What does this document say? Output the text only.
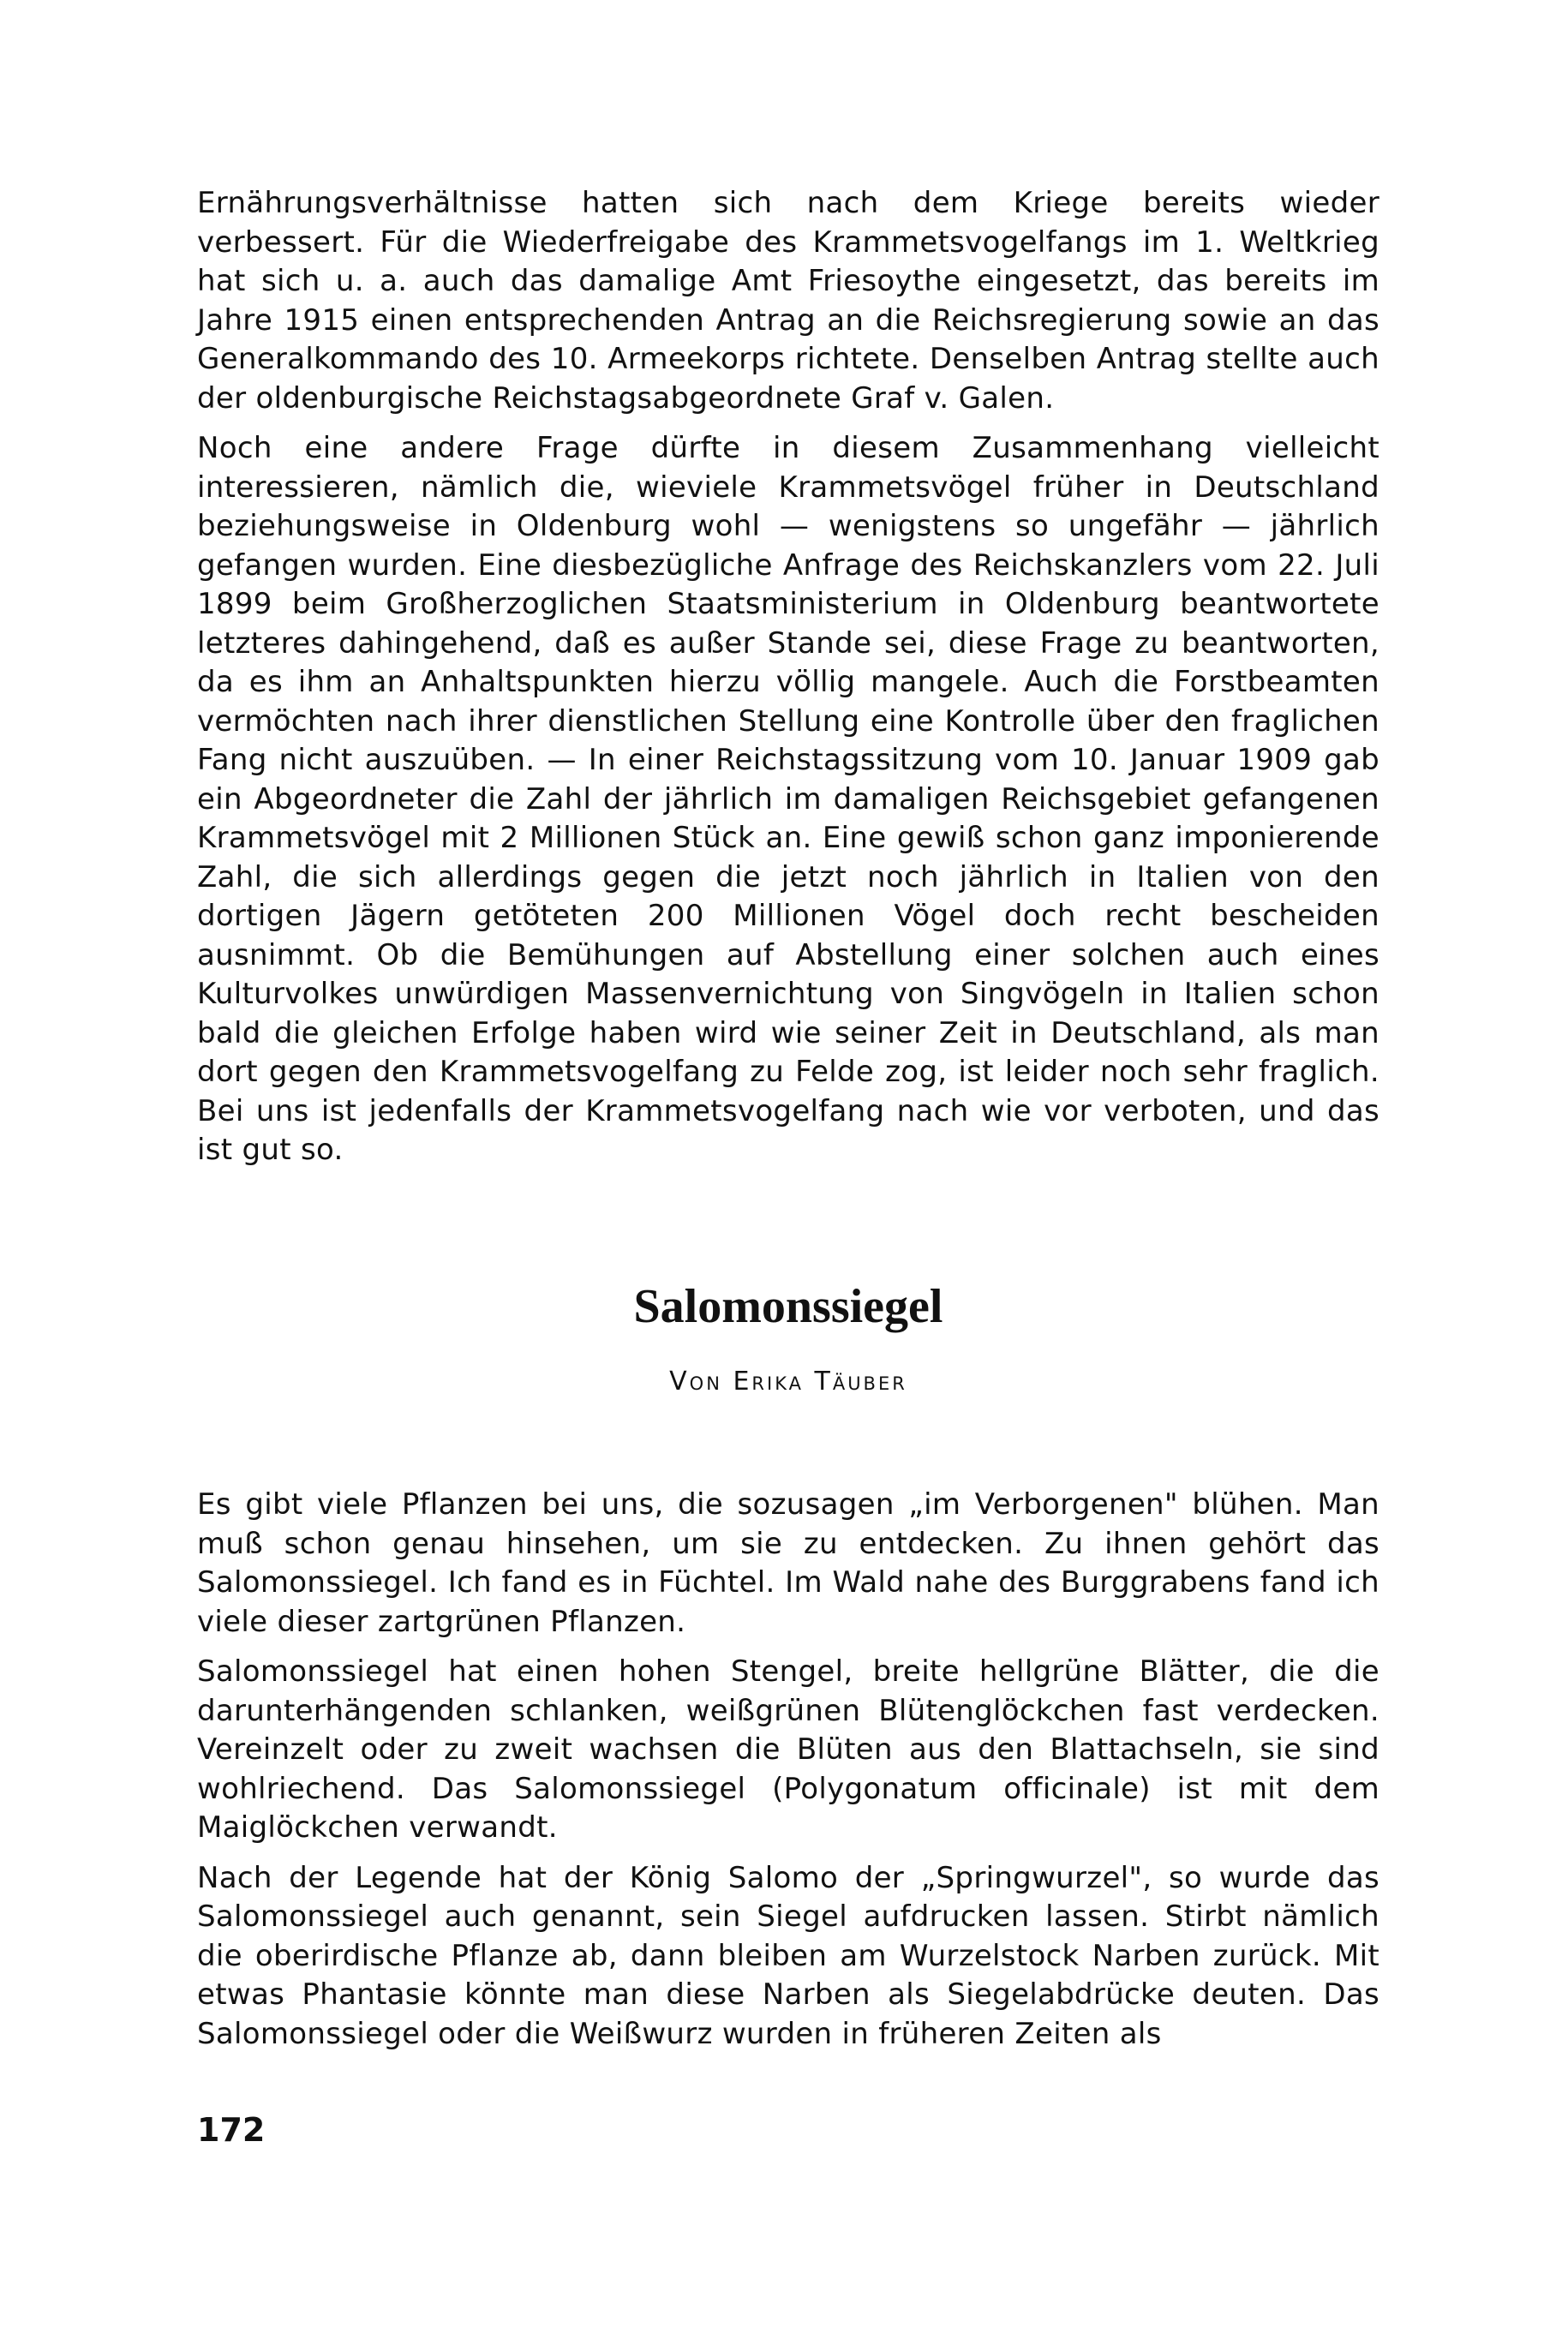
Ernährungsverhältnisse hatten sich nach dem Kriege bereits wieder verbessert. Für die Wiederfreigabe des Krammetsvogelfangs im 1. Weltkrieg hat sich u. a. auch das damalige Amt Friesoythe eingesetzt, das bereits im Jahre 1915 einen entsprechenden Antrag an die Reichsregierung sowie an das Generalkommando des 10. Armeekorps richtete. Denselben Antrag stellte auch der oldenburgische Reichstagsabgeordnete Graf v. Galen.

Noch eine andere Frage dürfte in diesem Zusammenhang vielleicht interessieren, nämlich die, wieviele Krammetsvögel früher in Deutschland beziehungsweise in Oldenburg wohl — wenigstens so ungefähr — jährlich gefangen wurden. Eine diesbezügliche Anfrage des Reichskanzlers vom 22. Juli 1899 beim Großherzoglichen Staatsministerium in Oldenburg beantwortete letzteres dahingehend, daß es außer Stande sei, diese Frage zu beantworten, da es ihm an Anhaltspunkten hierzu völlig mangele. Auch die Forstbeamten vermöchten nach ihrer dienstlichen Stellung eine Kontrolle über den fraglichen Fang nicht auszuüben. — In einer Reichstagssitzung vom 10. Januar 1909 gab ein Abgeordneter die Zahl der jährlich im damaligen Reichsgebiet gefangenen Krammetsvögel mit 2 Millionen Stück an. Eine gewiß schon ganz imponierende Zahl, die sich allerdings gegen die jetzt noch jährlich in Italien von den dortigen Jägern getöteten 200 Millionen Vögel doch recht bescheiden ausnimmt. Ob die Bemühungen auf Abstellung einer solchen auch eines Kulturvolkes unwürdigen Massenvernichtung von Singvögeln in Italien schon bald die gleichen Erfolge haben wird wie seiner Zeit in Deutschland, als man dort gegen den Krammetsvogelfang zu Felde zog, ist leider noch sehr fraglich. Bei uns ist jedenfalls der Krammetsvogelfang nach wie vor verboten, und das ist gut so.

Salomonssiegel

Von Erika Täuber

Es gibt viele Pflanzen bei uns, die sozusagen „im Verborgenen" blühen. Man muß schon genau hinsehen, um sie zu entdecken. Zu ihnen gehört das Salomonssiegel. Ich fand es in Füchtel. Im Wald nahe des Burggrabens fand ich viele dieser zartgrünen Pflanzen.

Salomonssiegel hat einen hohen Stengel, breite hellgrüne Blätter, die die darunterhängenden schlanken, weißgrünen Blütenglöckchen fast verdecken. Vereinzelt oder zu zweit wachsen die Blüten aus den Blattachseln, sie sind wohlriechend. Das Salomonssiegel (Polygonatum officinale) ist mit dem Maiglöckchen verwandt.

Nach der Legende hat der König Salomo der „Springwurzel", so wurde das Salomonssiegel auch genannt, sein Siegel aufdrucken lassen. Stirbt nämlich die oberirdische Pflanze ab, dann bleiben am Wurzelstock Narben zurück. Mit etwas Phantasie könnte man diese Narben als Siegelabdrücke deuten. Das Salomonssiegel oder die Weißwurz wurden in früheren Zeiten als

172
